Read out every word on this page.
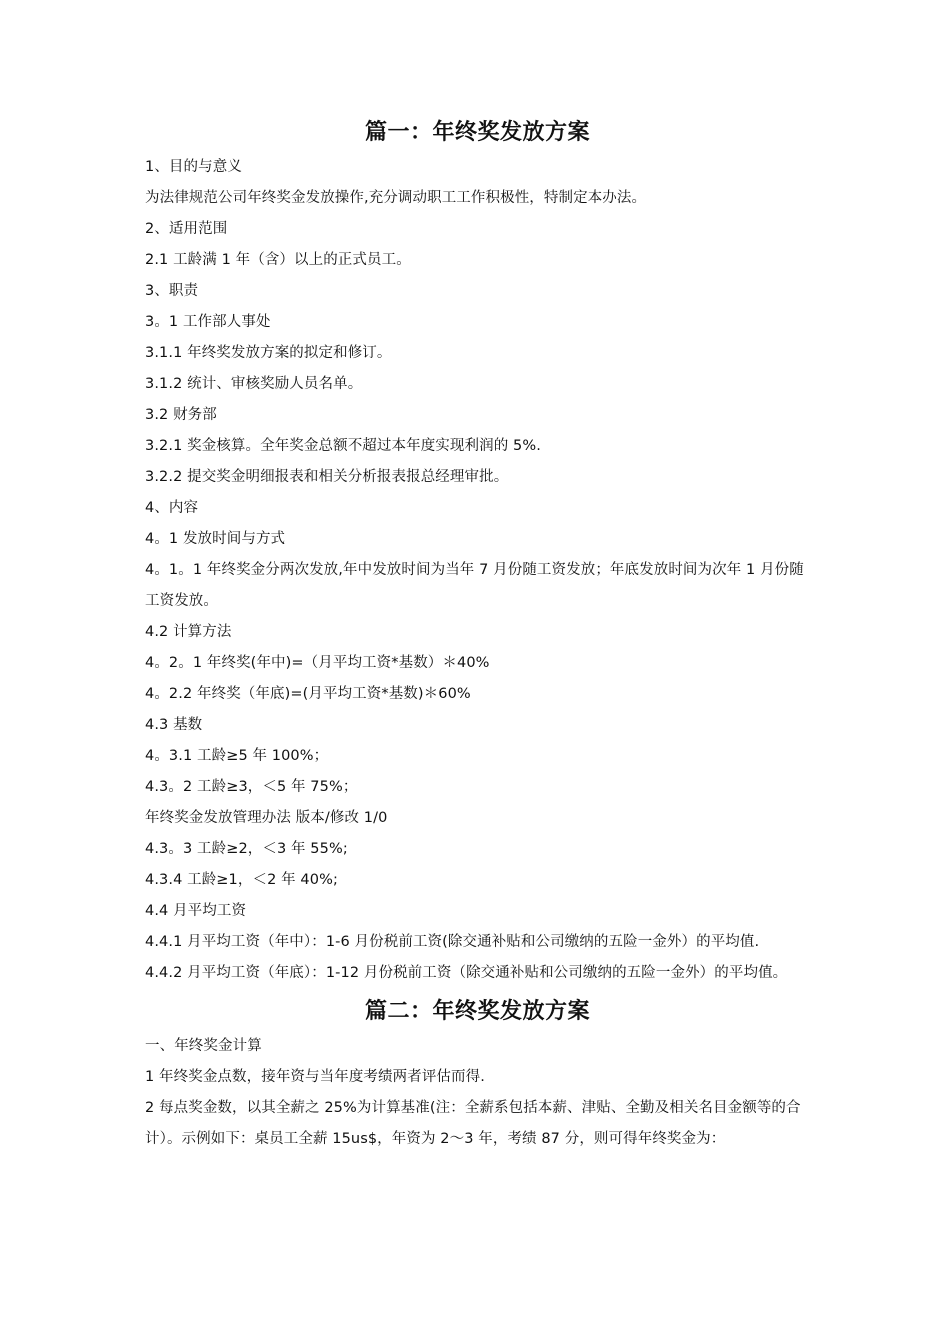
篇一：年终奖发放方案

1、目的与意义

为法律规范公司年终奖金发放操作,充分调动职工工作积极性，特制定本办法。

2、适用范围

2.1 工龄满 1 年（含）以上的正式员工。

3、职责

3。1 工作部人事处

3.1.1 年终奖发放方案的拟定和修订。

3.1.2 统计、审核奖励人员名单。

3.2 财务部

3.2.1 奖金核算。全年奖金总额不超过本年度实现利润的 5%.

3.2.2 提交奖金明细报表和相关分析报表报总经理审批。

4、内容

4。1 发放时间与方式

4。1。1 年终奖金分两次发放,年中发放时间为当年 7 月份随工资发放；年底发放时间为次年 1 月份随工资发放。

4.2 计算方法

4。2。1 年终奖(年中)=（月平均工资*基数）＊40%

4。2.2 年终奖（年底)=(月平均工资*基数)＊60%

4.3 基数

4。3.1 工龄≥5 年 100%；

4.3。2 工龄≥3，＜5 年 75%；

年终奖金发放管理办法 版本/修改 1/0

4.3。3 工龄≥2，＜3 年 55%;

4.3.4 工龄≥1，＜2 年 40%;

4.4 月平均工资

4.4.1 月平均工资（年中）：1-6 月份税前工资(除交通补贴和公司缴纳的五险一金外）的平均值.

4.4.2 月平均工资（年底）：1-12 月份税前工资（除交通补贴和公司缴纳的五险一金外）的平均值。

篇二：年终奖发放方案

一、年终奖金计算

1 年终奖金点数，接年资与当年度考绩两者评估而得.

2 每点奖金数，以其全薪之 25%为计算基准(注：全薪系包括本薪、津贴、全勤及相关名目金额等的合计）。示例如下：桌员工全薪 15us$，年资为 2～3 年，考绩 87 分，则可得年终奖金为：
